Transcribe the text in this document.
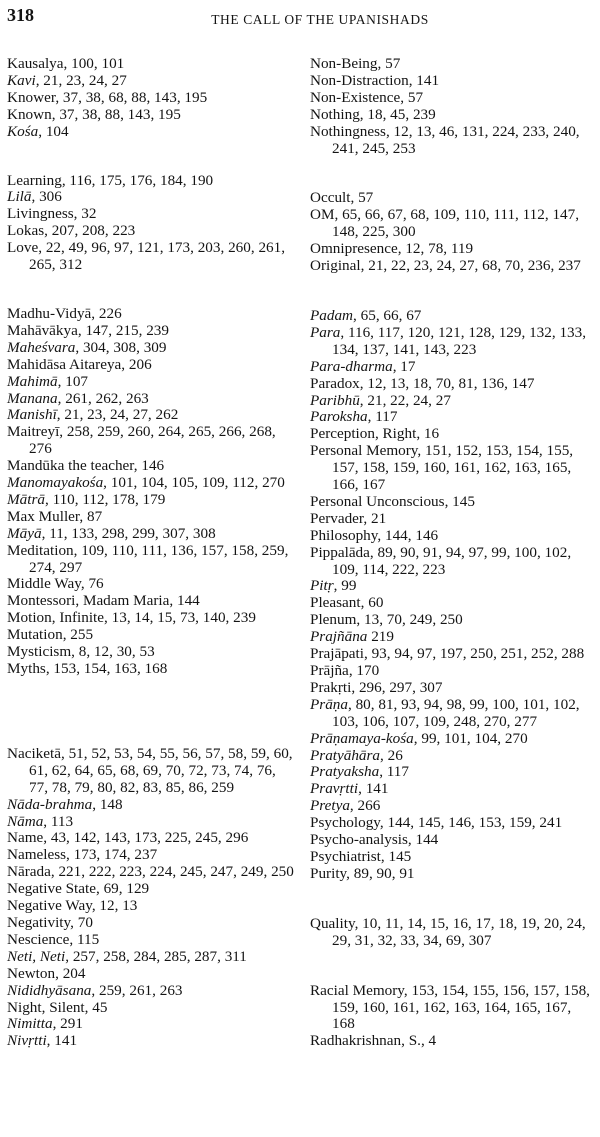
318	THE CALL OF THE UPANISHADS
Kausalya, 100, 101
Kavi, 21, 23, 24, 27
Knower, 37, 38, 68, 88, 143, 195
Known, 37, 38, 88, 143, 195
Kośa, 104
Learning, 116, 175, 176, 184, 190
Lilā, 306
Livingness, 32
Lokas, 207, 208, 223
Love, 22, 49, 96, 97, 121, 173, 203, 260, 261, 265, 312
Madhu-Vidyā, 226
Mahāvākya, 147, 215, 239
Maheśvara, 304, 308, 309
Mahidāsa Aitareya, 206
Mahimā, 107
Manana, 261, 262, 263
Manishī, 21, 23, 24, 27, 262
Maitreyī, 258, 259, 260, 264, 265, 266, 268, 276
Mandūka the teacher, 146
Manomayakośa, 101, 104, 105, 109, 112, 270
Mātrā, 110, 112, 178, 179
Max Muller, 87
Māyā, 11, 133, 298, 299, 307, 308
Meditation, 109, 110, 111, 136, 157, 158, 259, 274, 297
Middle Way, 76
Montessori, Madam Maria, 144
Motion, Infinite, 13, 14, 15, 73, 140, 239
Mutation, 255
Mysticism, 8, 12, 30, 53
Myths, 153, 154, 163, 168
Naciketā, 51, 52, 53, 54, 55, 56, 57, 58, 59, 60, 61, 62, 64, 65, 68, 69, 70, 72, 73, 74, 76, 77, 78, 79, 80, 82, 83, 85, 86, 259
Nāda-brahma, 148
Nāma, 113
Name, 43, 142, 143, 173, 225, 245, 296
Nameless, 173, 174, 237
Nārada, 221, 222, 223, 224, 245, 247, 249, 250
Negative State, 69, 129
Negative Way, 12, 13
Negativity, 70
Nescience, 115
Neti, Neti, 257, 258, 284, 285, 287, 311
Newton, 204
Nididhyāsana, 259, 261, 263
Night, Silent, 45
Nimitta, 291
Nivṛtti, 141
Non-Being, 57
Non-Distraction, 141
Non-Existence, 57
Nothing, 18, 45, 239
Nothingness, 12, 13, 46, 131, 224, 233, 240, 241, 245, 253
Occult, 57
OM, 65, 66, 67, 68, 109, 110, 111, 112, 147, 148, 225, 300
Omnipresence, 12, 78, 119
Original, 21, 22, 23, 24, 27, 68, 70, 236, 237
Padam, 65, 66, 67
Para, 116, 117, 120, 121, 128, 129, 132, 133, 134, 137, 141, 143, 223
Para-dharma, 17
Paradox, 12, 13, 18, 70, 81, 136, 147
Paribhū, 21, 22, 24, 27
Paroksha, 117
Perception, Right, 16
Personal Memory, 151, 152, 153, 154, 155, 157, 158, 159, 160, 161, 162, 163, 165, 166, 167
Personal Unconscious, 145
Pervader, 21
Philosophy, 144, 146
Pippalāda, 89, 90, 91, 94, 97, 99, 100, 102, 109, 114, 222, 223
Pitṛ, 99
Pleasant, 60
Plenum, 13, 70, 249, 250
Prajñāna 219
Prajāpati, 93, 94, 97, 197, 250, 251, 252, 288
Prājña, 170
Prakṛti, 296, 297, 307
Prāṇa, 80, 81, 93, 94, 98, 99, 100, 101, 102, 103, 106, 107, 109, 248, 270, 277
Prāṇamaya-kośa, 99, 101, 104, 270
Pratyāhāra, 26
Pratyaksha, 117
Pravṛtti, 141
Pretya, 266
Psychology, 144, 145, 146, 153, 159, 241
Psycho-analysis, 144
Psychiatrist, 145
Purity, 89, 90, 91
Quality, 10, 11, 14, 15, 16, 17, 18, 19, 20, 24, 29, 31, 32, 33, 34, 69, 307
Racial Memory, 153, 154, 155, 156, 157, 158, 159, 160, 161, 162, 163, 164, 165, 167, 168
Radhakrishnan, S., 4
